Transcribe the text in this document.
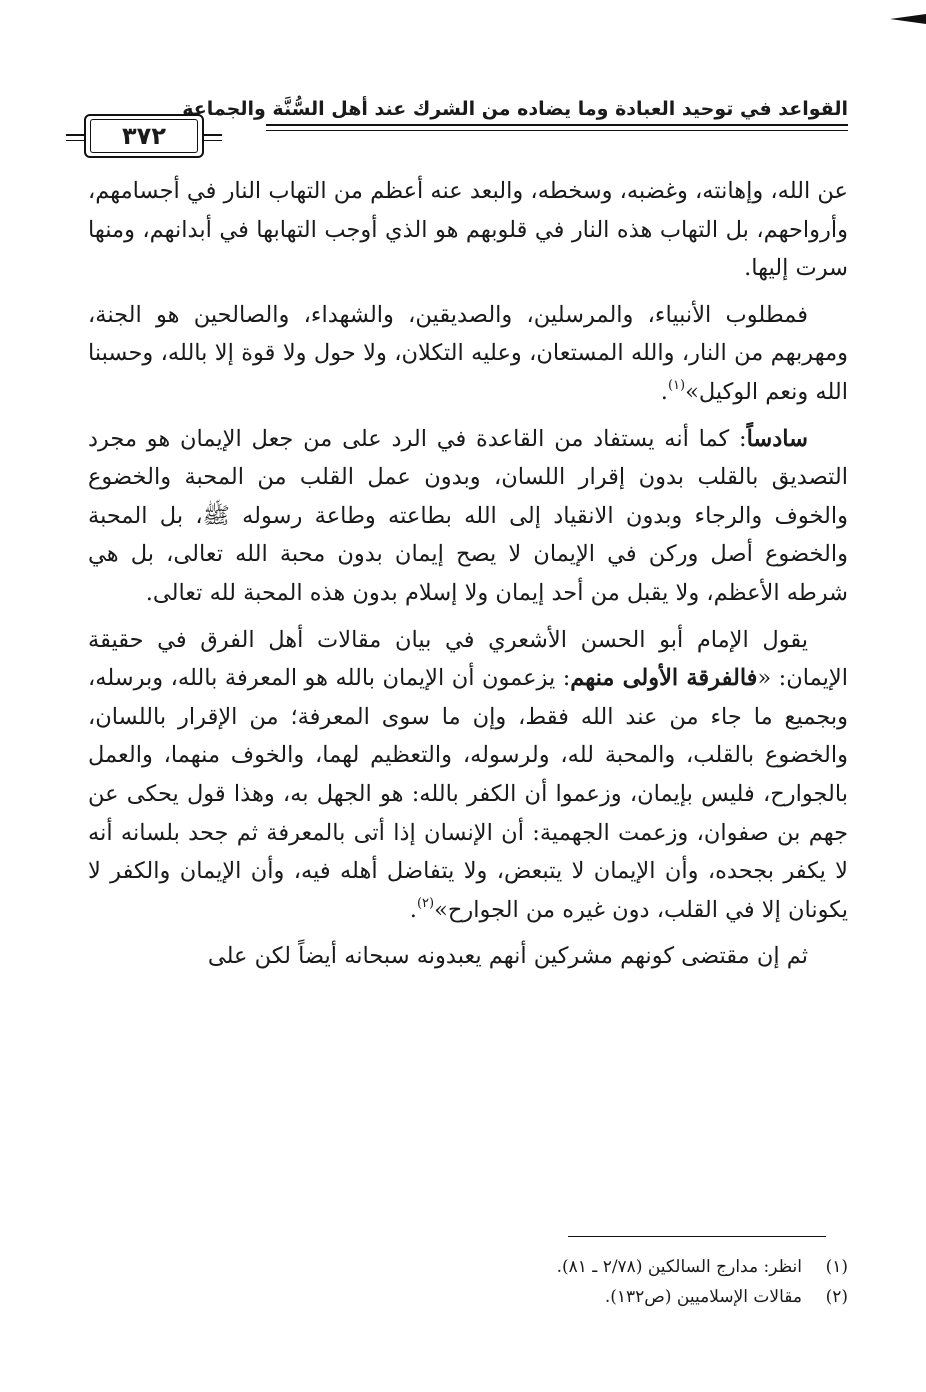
القواعد في توحيد العبادة وما يضاده من الشرك عند أهل السُّنَّة والجماعة
٣٧٢

عن الله، وإهانته، وغضبه، وسخطه، والبعد عنه أعظم من التهاب النار في أجسامهم، وأرواحهم، بل التهاب هذه النار في قلوبهم هو الذي أوجب التهابها في أبدانهم، ومنها سرت إليها.

فمطلوب الأنبياء، والمرسلين، والصديقين، والشهداء، والصالحين هو الجنة، ومهربهم من النار، والله المستعان، وعليه التكلان، ولا حول ولا قوة إلا بالله، وحسبنا الله ونعم الوكيل»$^{(١)}$.

سادساً: كما أنه يستفاد من القاعدة في الرد على من جعل الإيمان هو مجرد التصديق بالقلب بدون إقرار اللسان، وبدون عمل القلب من المحبة والخضوع والخوف والرجاء وبدون الانقياد إلى الله بطاعته وطاعة رسوله ﷺ، بل المحبة والخضوع أصل وركن في الإيمان لا يصح إيمان بدون محبة الله تعالى، بل هي شرطه الأعظم، ولا يقبل من أحد إيمان ولا إسلام بدون هذه المحبة لله تعالى.

يقول الإمام أبو الحسن الأشعري في بيان مقالات أهل الفرق في حقيقة الإيمان: «فالفرقة الأولى منهم: يزعمون أن الإيمان بالله هو المعرفة بالله، وبرسله، وبجميع ما جاء من عند الله فقط، وإن ما سوى المعرفة؛ من الإقرار باللسان، والخضوع بالقلب، والمحبة لله، ولرسوله، والتعظيم لهما، والخوف منهما، والعمل بالجوارح، فليس بإيمان، وزعموا أن الكفر بالله: هو الجهل به، وهذا قول يحكى عن جهم بن صفوان، وزعمت الجهمية: أن الإنسان إذا أتى بالمعرفة ثم جحد بلسانه أنه لا يكفر بجحده، وأن الإيمان لا يتبعض، ولا يتفاضل أهله فيه، وأن الإيمان والكفر لا يكونان إلا في القلب، دون غيره من الجوارح»$^{(٢)}$.

ثم إن مقتضى كونهم مشركين أنهم يعبدونه سبحانه أيضاً لكن على

(١)
انظر: مدارج السالكين (٢/٧٨ ـ ٨١).
(٢)
مقالات الإسلاميين (ص١٣٢).
